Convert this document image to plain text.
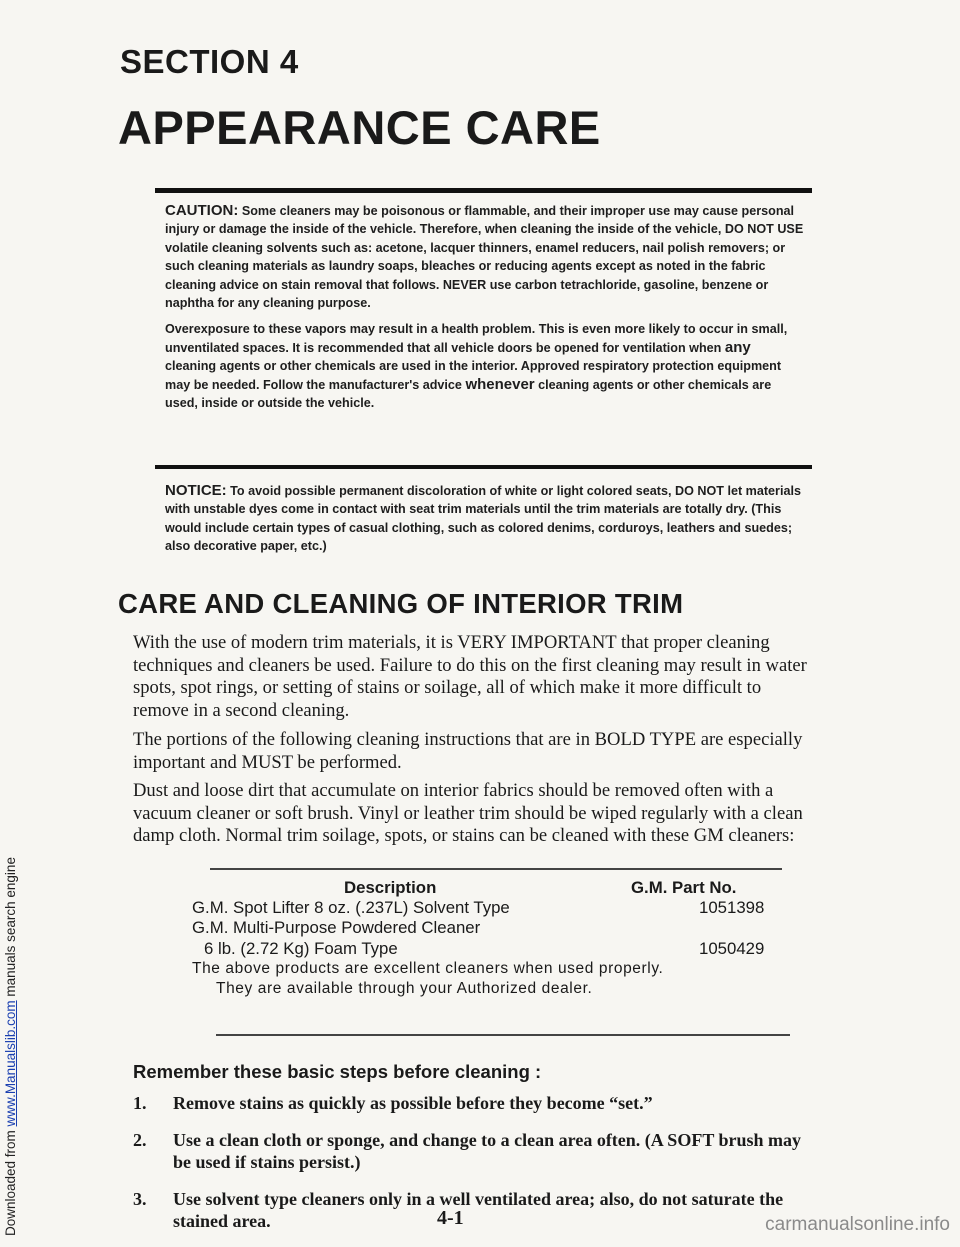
Downloaded from www.Manualslib.com manuals search engine
SECTION 4
APPEARANCE CARE

CAUTION: Some cleaners may be poisonous or flammable, and their improper use may cause personal injury or damage the inside of the vehicle. Therefore, when cleaning the inside of the vehicle, DO NOT USE volatile cleaning solvents such as: acetone, lacquer thinners, enamel reducers, nail polish removers; or such cleaning materials as laundry soaps, bleaches or reducing agents except as noted in the fabric cleaning advice on stain removal that follows. NEVER use carbon tetrachloride, gasoline, benzene or naphtha for any cleaning purpose.

Overexposure to these vapors may result in a health problem. This is even more likely to occur in small, unventilated spaces. It is recommended that all vehicle doors be opened for ventilation when any cleaning agents or other chemicals are used in the interior. Approved respiratory protection equipment may be needed. Follow the manufacturer's advice whenever cleaning agents or other chemicals are used, inside or outside the vehicle.

NOTICE: To avoid possible permanent discoloration of white or light colored seats, DO NOT let materials with unstable dyes come in contact with seat trim materials until the trim materials are totally dry. (This would include certain types of casual clothing, such as colored denims, corduroys, leathers and suedes; also decorative paper, etc.)

CARE AND CLEANING OF INTERIOR TRIM
With the use of modern trim materials, it is VERY IMPORTANT that proper cleaning techniques and cleaners be used. Failure to do this on the first cleaning may result in water spots, spot rings, or setting of stains or soilage, all of which make it more difficult to remove in a second cleaning.
The portions of the following cleaning instructions that are in BOLD TYPE are especially important and MUST be performed.
Dust and loose dirt that accumulate on interior fabrics should be removed often with a vacuum cleaner or soft brush. Vinyl or leather trim should be wiped regularly with a clean damp cloth. Normal trim soilage, spots, or stains can be cleaned with these GM cleaners:
Description	G.M. Part No.
G.M. Spot Lifter 8 oz. (.237L) Solvent Type	1051398
G.M. Multi-Purpose Powdered Cleaner
6 lb. (2.72 Kg) Foam Type	1050429
The above products are excellent cleaners when used properly.
They are available through your Authorized dealer.
Remember these basic steps before cleaning :
1. Remove stains as quickly as possible before they become “set.”
2. Use a clean cloth or sponge, and change to a clean area often. (A SOFT brush may be used if stains persist.)
3. Use solvent type cleaners only in a well ventilated area; also, do not saturate the stained area.	4-1	carmanualsonline.info
